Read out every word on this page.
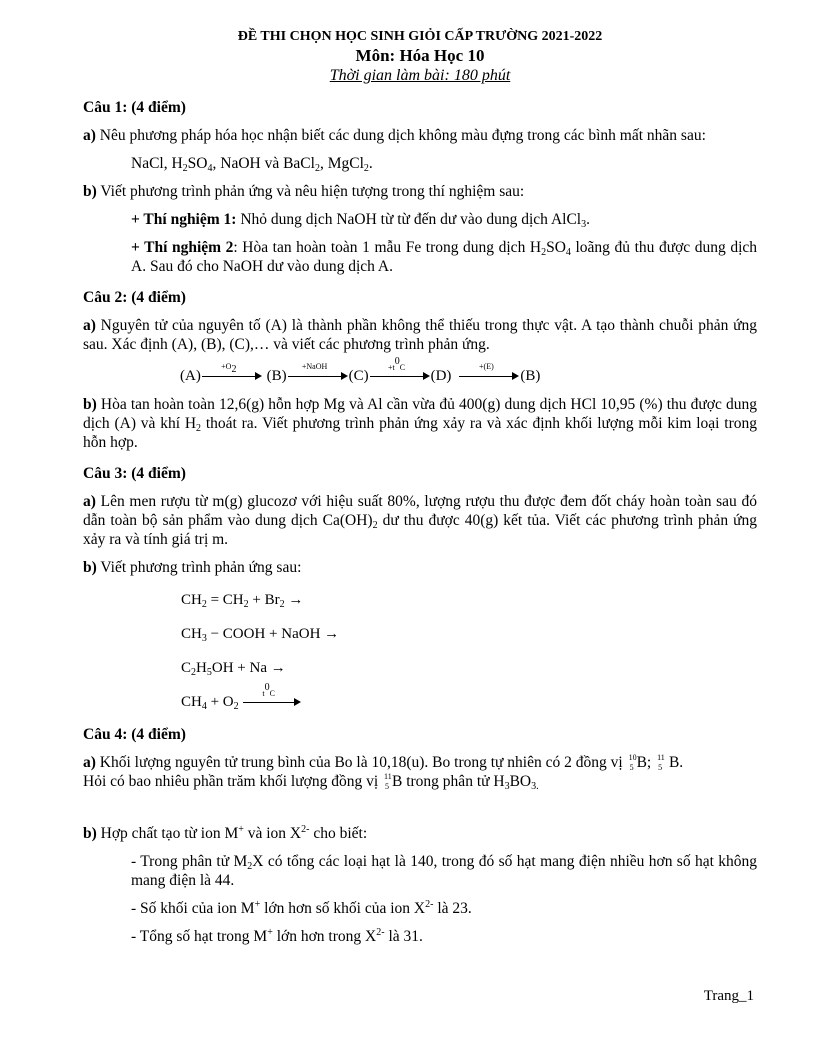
ĐỀ THI CHỌN HỌC SINH GIỎI CẤP TRƯỜNG 2021-2022
Môn: Hóa Học 10
Thời gian làm bài: 180 phút
Câu 1: (4 điểm)

a) Nêu phương pháp hóa học nhận biết các dung dịch không màu đựng trong các bình mất nhãn sau:

NaCl, $H_2SO_4$, NaOH và BaCl$_2$, MgCl$_2$.

b) Viết phương trình phản ứng và nêu hiện tượng trong thí nghiệm sau:

+ Thí nghiệm 1: Nhỏ dung dịch NaOH từ từ đến dư vào dung dịch AlCl$_3$.

+ Thí nghiệm 2: Hòa tan hoàn toàn 1 mẫu Fe trong dung dịch $H_2SO_4$ loãng đủ thu được dung dịch A. Sau đó cho NaOH dư vào dung dịch A.

Câu 2: (4 điểm)

a) Nguyên tử của nguyên tố (A) là thành phần không thể thiếu trong thực vật. A tạo thành chuỗi phản ứng sau. Xác định (A), (B), (C),… và viết các phương trình phản ứng.

(A)
$+O_2$	(B)
+NaOH
(C)
$+t^0C$
(D)
+(E)
(B)

b) Hòa tan hoàn toàn 12,6(g) hỗn hợp Mg và Al cần vừa đủ 400(g) dung dịch HCl 10,95 (%) thu được dung dịch (A) và khí $H_2$ thoát ra. Viết phương trình phản ứng xảy ra và xác định khối lượng mỗi kim loại trong hỗn hợp.

Câu 3: (4 điểm)

a) Lên men rượu từ m(g) glucozơ với hiệu suất 80%, lượng rượu thu được đem đốt cháy hoàn toàn sau đó dẫn toàn bộ sản phẩm vào dung dịch $Ca(OH)_2$ dư thu được 40(g) kết tủa. Viết các phương trình phản ứng xảy ra và tính giá trị m.

b) Viết phương trình phản ứng sau:

$CH_2 = CH_2 + Br_2$ →
$CH_3$ − COOH + NaOH →
$C_2H_5OH + Na$ →
$CH_4 + O_2$
$t^0C$
Câu 4: (4 điểm)

a) Khối lượng nguyên tử trung bình của Bo là 10,18(u). Bo trong tự nhiên có 2 đồng vị 10
5 B; 11
5 B.
Hỏi có bao nhiêu phần trăm khối lượng đồng vị 11
5 B trong phân tử $H_3BO_{3.}$

b) Hợp chất tạo từ ion M+ và ion $X^{2-}$ cho biết:

- Trong phân tử $M_2X$ có tổng các loại hạt là 140, trong đó số hạt mang điện nhiều hơn số hạt không mang điện là 44.

- Số khối của ion M+ lớn hơn số khối của ion $X^{2-}$ là 23.

- Tổng số hạt trong M+ lớn hơn trong $X^{2-}$ là 31.

Trang_1
